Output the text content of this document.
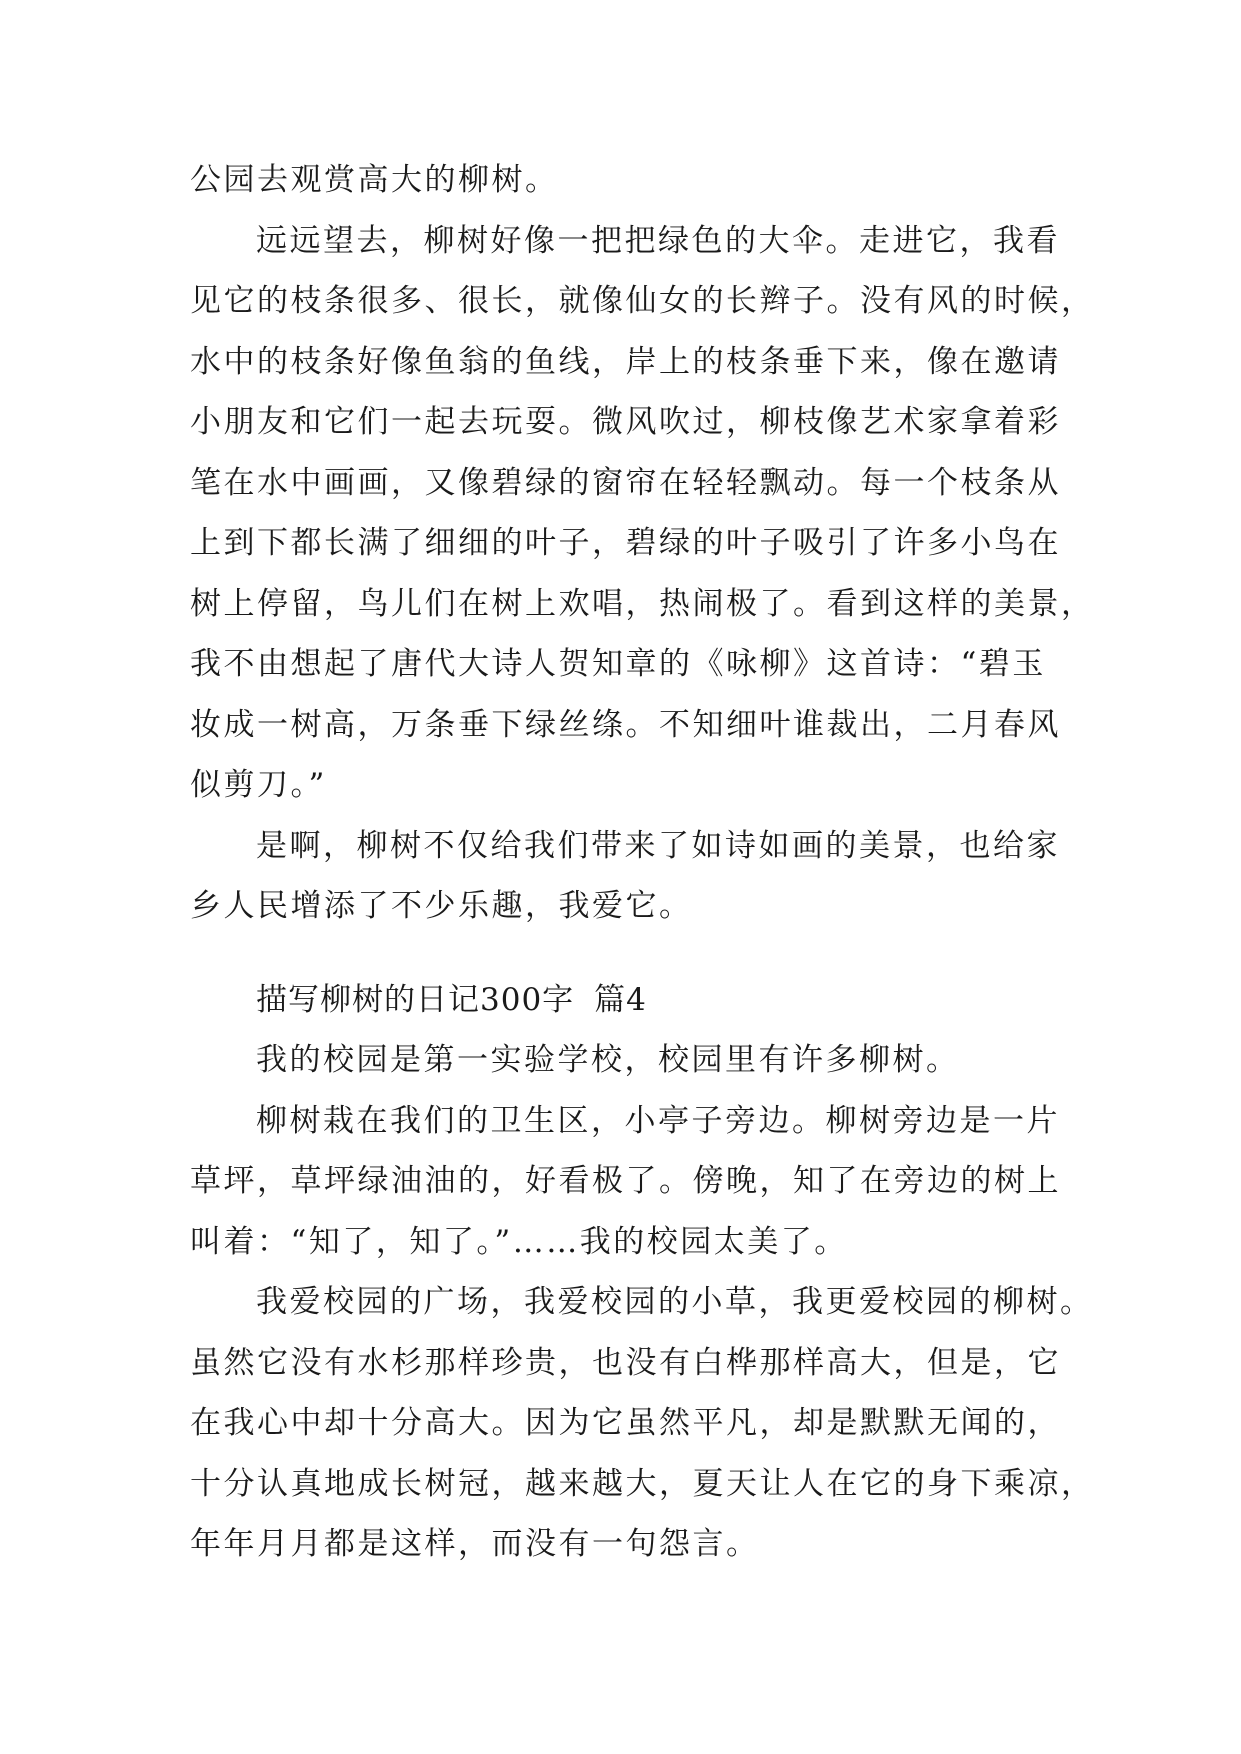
公园去观赏高大的柳树。
远远望去，柳树好像一把把绿色的大伞。走进它，我看
见它的枝条很多、很长，就像仙女的长辫子。没有风的时候，
水中的枝条好像鱼翁的鱼线，岸上的枝条垂下来，像在邀请
小朋友和它们一起去玩耍。微风吹过，柳枝像艺术家拿着彩
笔在水中画画，又像碧绿的窗帘在轻轻飘动。每一个枝条从
上到下都长满了细细的叶子，碧绿的叶子吸引了许多小鸟在
树上停留，鸟儿们在树上欢唱，热闹极了。看到这样的美景，
我不由想起了唐代大诗人贺知章的《咏柳》这首诗：“碧玉
妆成一树高，万条垂下绿丝绦。不知细叶谁裁出，二月春风
似剪刀。”
是啊，柳树不仅给我们带来了如诗如画的美景，也给家
乡人民增添了不少乐趣，我爱它。
描写柳树的日记300字 篇4
我的校园是第一实验学校，校园里有许多柳树。
柳树栽在我们的卫生区，小亭子旁边。柳树旁边是一片
草坪，草坪绿油油的，好看极了。傍晚，知了在旁边的树上
叫着：“知了，知了。”……我的校园太美了。
我爱校园的广场，我爱校园的小草，我更爱校园的柳树。
虽然它没有水杉那样珍贵，也没有白桦那样高大，但是，它
在我心中却十分高大。因为它虽然平凡，却是默默无闻的，
十分认真地成长树冠，越来越大，夏天让人在它的身下乘凉，
年年月月都是这样，而没有一句怨言。
